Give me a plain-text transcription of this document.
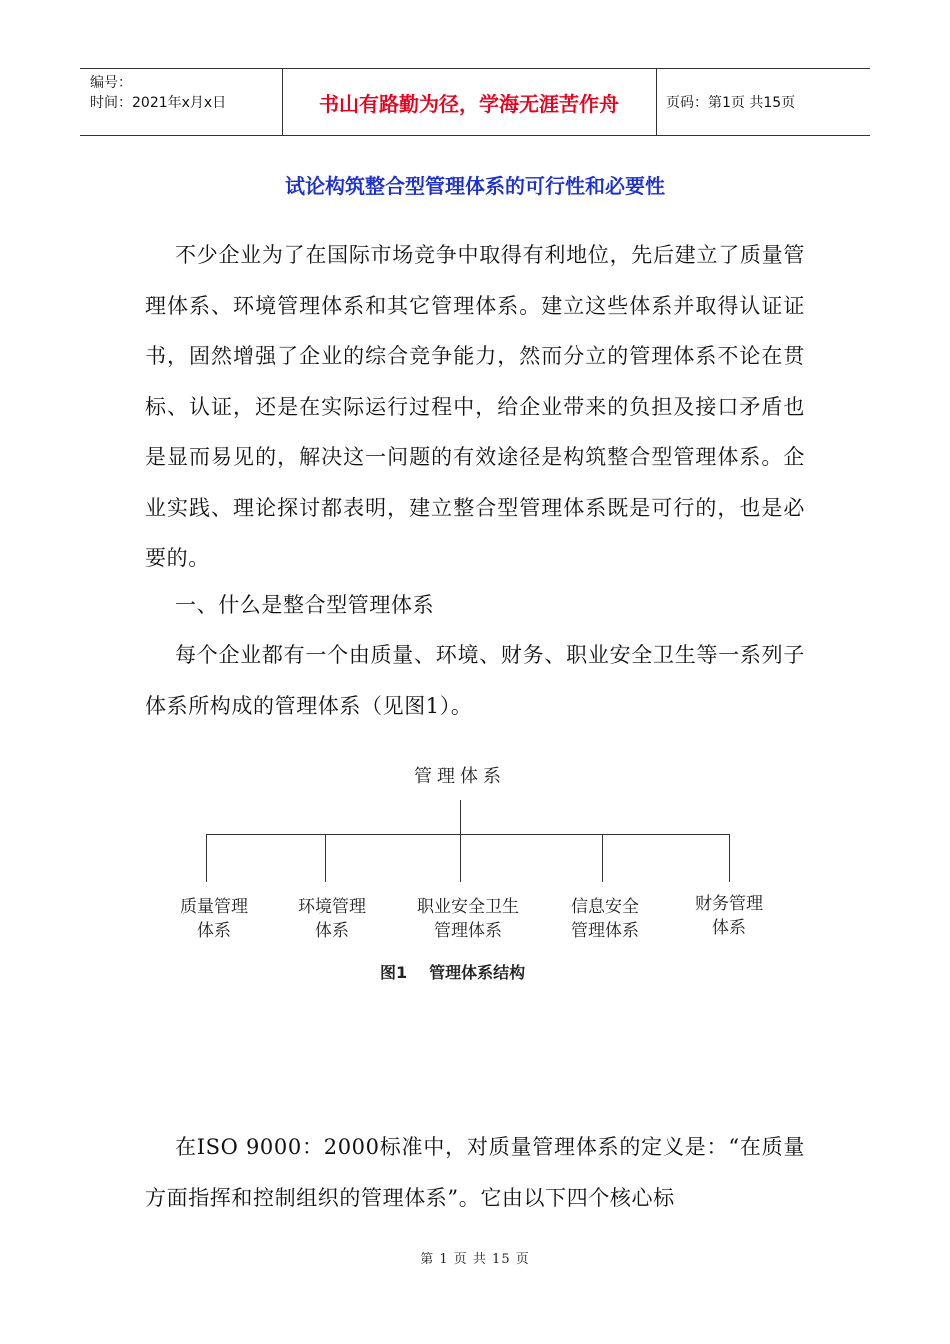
编号：
时间：2021年x月x日	书山有路勤为径，学海无涯苦作舟	页码：第1页 共15页
试论构筑整合型管理体系的可行性和必要性
不少企业为了在国际市场竞争中取得有利地位，先后建立了质量管理体系、环境管理体系和其它管理体系。建立这些体系并取得认证证书，固然增强了企业的综合竞争能力，然而分立的管理体系不论在贯标、认证，还是在实际运行过程中，给企业带来的负担及接口矛盾也是显而易见的，解决这一问题的有效途径是构筑整合型管理体系。企业实践、理论探讨都表明，建立整合型管理体系既是可行的，也是必要的。
一、什么是整合型管理体系
每个企业都有一个由质量、环境、财务、职业安全卫生等一系列子体系所构成的管理体系（见图1）。
管理体系
质量管理
体系
环境管理
体系
职业安全卫生
管理体系
信息安全
管理体系
财务管理
体系
图1 管理体系结构
在ISO 9000：2000标准中，对质量管理体系的定义是：“在质量方面指挥和控制组织的管理体系”。它由以下四个核心标
第 1 页 共 15 页
